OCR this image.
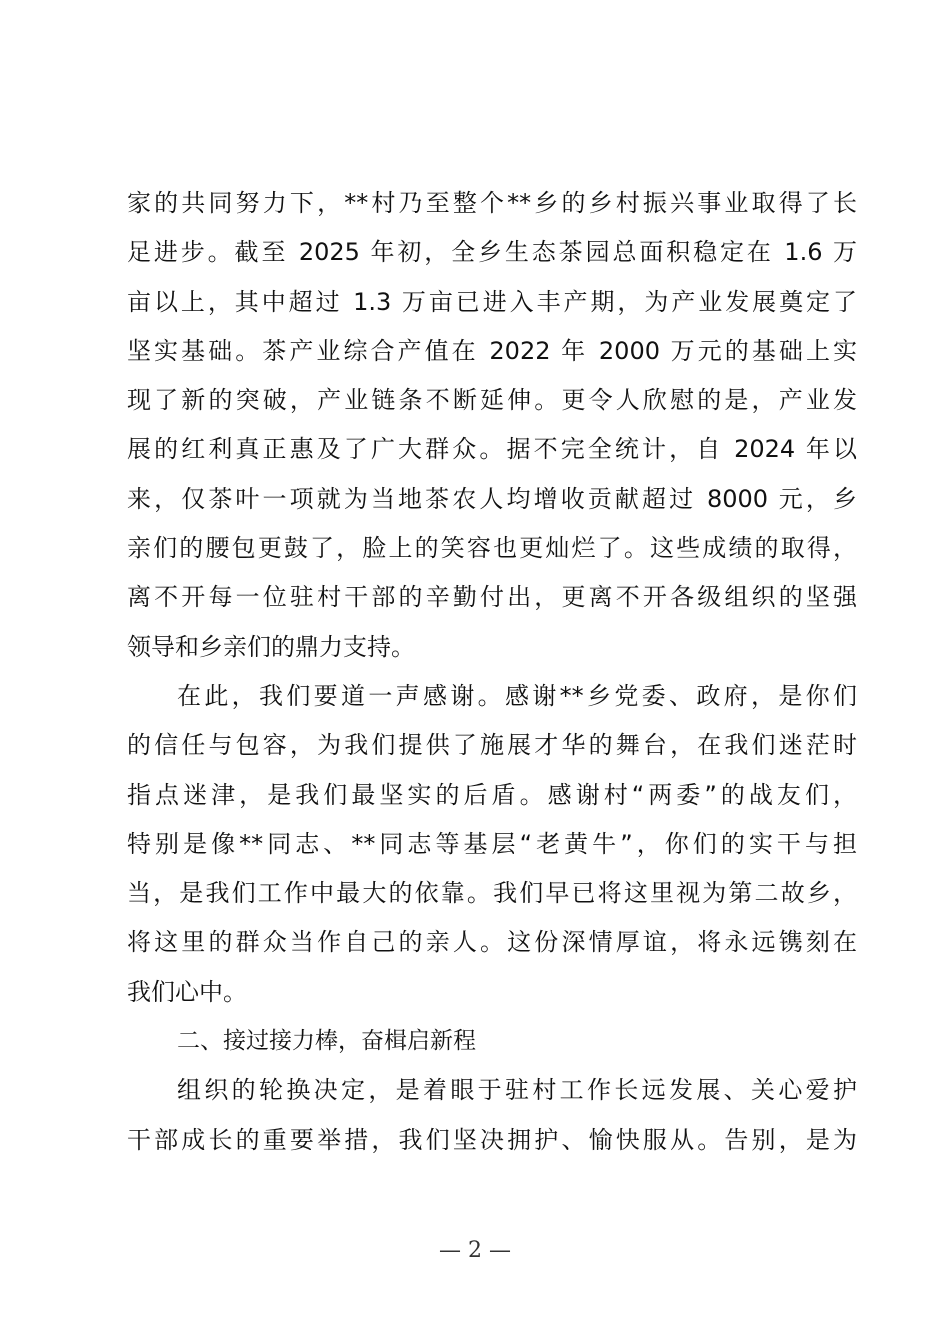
家的共同努力下，**村乃至整个**乡的乡村振兴事业取得了长
足进步。截至 2025 年初，全乡生态茶园总面积稳定在 1.6 万
亩以上，其中超过 1.3 万亩已进入丰产期，为产业发展奠定了
坚实基础。茶产业综合产值在 2022 年 2000 万元的基础上实
现了新的突破，产业链条不断延伸。更令人欣慰的是，产业发
展的红利真正惠及了广大群众。据不完全统计，自 2024 年以
来，仅茶叶一项就为当地茶农人均增收贡献超过 8000 元，乡
亲们的腰包更鼓了，脸上的笑容也更灿烂了。这些成绩的取得，
离不开每一位驻村干部的辛勤付出，更离不开各级组织的坚强
领导和乡亲们的鼎力支持。
在此，我们要道一声感谢。感谢**乡党委、政府，是你们
的信任与包容，为我们提供了施展才华的舞台，在我们迷茫时
指点迷津，是我们最坚实的后盾。感谢村“两委”的战友们，
特别是像**同志、**同志等基层“老黄牛”，你们的实干与担
当，是我们工作中最大的依靠。我们早已将这里视为第二故乡，
将这里的群众当作自己的亲人。这份深情厚谊，将永远镌刻在
我们心中。
二、接过接力棒，奋楫启新程
组织的轮换决定，是着眼于驻村工作长远发展、关心爱护
干部成长的重要举措，我们坚决拥护、愉快服从。告别，是为
— 2 —
